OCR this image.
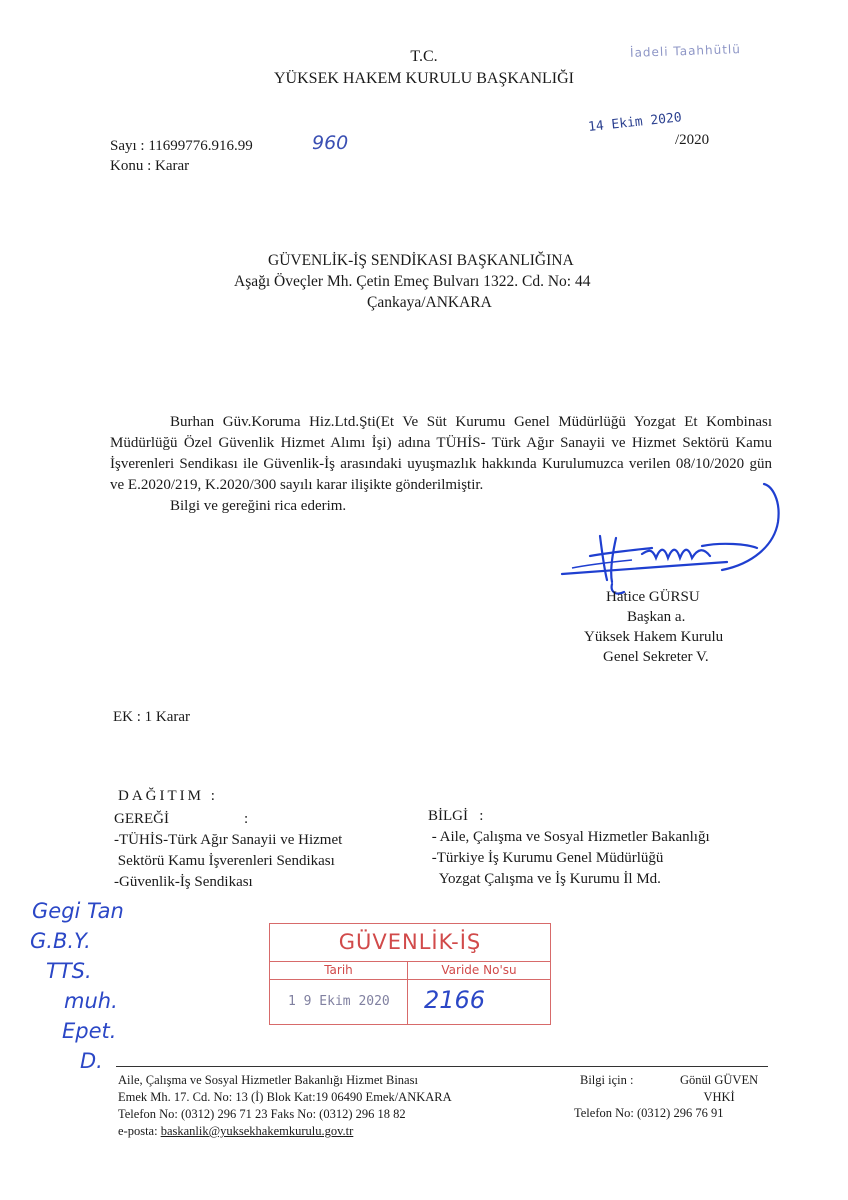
T.C.
YÜKSEK HAKEM KURULU BAŞKANLIĞI
İadeli Taahhütlü
Sayı : 11699776.916.99
Konu : Karar
960
14 Ekim 2020
/2020
GÜVENLİK-İŞ SENDİKASI BAŞKANLIĞINA
Aşağı Öveçler Mh. Çetin Emeç Bulvarı 1322. Cd. No: 44
Çankaya/ANKARA

Burhan Güv.Koruma Hiz.Ltd.Şti(Et Ve Süt Kurumu Genel Müdürlüğü Yozgat Et Kombinası Müdürlüğü Özel Güvenlik Hizmet Alımı İşi) adına TÜHİS- Türk Ağır Sanayii ve Hizmet Sektörü Kamu İşverenleri Sendikası ile Güvenlik-İş arasındaki uyuşmazlık hakkında Kurulumuzca verilen 08/10/2020 gün ve E.2020/219, K.2020/300 sayılı karar ilişikte gönderilmiştir.

Bilgi ve gereğini rica ederim.

Hatice GÜRSU
Başkan a.
Yüksek Hakem Kurulu
Genel Sekreter V.
EK : 1 Karar
DAĞITIM :
GEREĞİ                    :
-TÜHİS-Türk Ağır Sanayii ve Hizmet
Sektörü Kamu İşverenleri Sendikası
-Güvenlik-İş Sendikası
BİLGİ   :
- Aile, Çalışma ve Sosyal Hizmetler Bakanlığı
-Türkiye İş Kurumu Genel Müdürlüğü
Yozgat Çalışma ve İş Kurumu İl Md.
Gegi Tan
G.B.Y.
TTS.
muh.
Epet.
D.
GÜVENLİK-İŞ
Tarih	Varide No'su
1 9 Ekim 2020 2166
Aile, Çalışma ve Sosyal Hizmetler Bakanlığı Hizmet Binası
Emek Mh. 17. Cd. No: 13 (İ) Blok Kat:19 06490 Emek/ANKARA
Telefon No: (0312) 296 71 23 Faks No: (0312) 296 18 82
e-posta: baskanlik@yuksekhakemkurulu.gov.tr
Bilgi için :	Gönül GÜVEN
VHKİ
Telefon No: (0312) 296 76 91
